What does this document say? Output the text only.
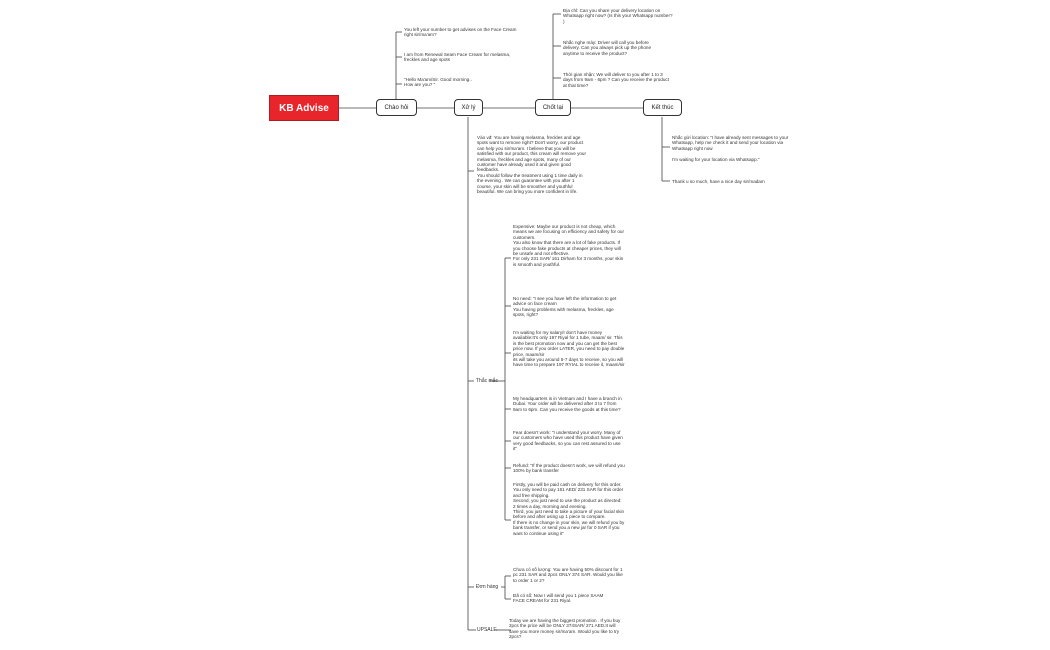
KB Advise	Chào hỏi	Xử lý	Chốt lại	Kết thúc
You left your number to get advises on the Face Cream right sir/ma'am?
I am from Renewal Seam Face Cream for melasma, freckles and age spots
"Hello Ma'am/Sir. Good morning..
How are you? "
Địa chỉ: Can you share your delivery location on Whatsapp right now? (Is this your Whatsapp number? )
Nhắc nghe máy: Driver will call you before delivery. Can you always pick up the phone anytime to receive the product?
Thời gian nhận: We will deliver to you after 1 to 3 days from 9am - 6pm ? Can you receive the product at that time?
Nhắc gửi location: "I have already sent messages to your Whatsapp, help me check it and send your location via Whatsapp right now

I'm waiting for your location via Whatsapp."
Thank u so much, have a nice day sir/madam
Vào vđ: You are having melasma, freckles and age spots want to remove right? Don't worry, our product can help you sir/ma'am. I believe that you will be satisfied with our product, this cream will remove your melasma, freckles and age spots, many of our customer have already used it and given good feedbacks.
You should follow the treatment using 1 time daily in the evening . We can guarantee with you after 1 course, your skin will be smoother and youthful beautiful. We can bring you more confident in life.
Thắc mắc
Đơn hàng
UPSALE
Expensive: Maybe our product is not cheap, which means we are focusing on efficiency and safety for our customers.
You also know that there are a lot of fake products. If you choose fake products at cheaper prices, they will be unsafe and not effective.
For only 231 SAR/ 161 Dirham for 3 months, your skin is smooth and youthful.
No need: "I see you have left the information to get advice on face cream
You having problems with melasma, freckles, age spots, right?
I'm waiting for my salary/I don't have money available:It's only 197 Riyal for 1 tube, maam/ sir. This is the best promotion now and you can get the best price now. If you order LATER, you need to pay double price, maam/sir
its will take you around 5-7 days to receive, so you will have time to prepare 197 RYIAL to receive it, maam/sir
My headquarters is in Vietnam and I have a branch in Dubai. Your order will be delivered after 3 to 7 from 9am to 6pm. Can you receive the goods at this time?
Fear doesn't work: "I understand your worry. Many of our customers who have used this product have given very good feedbacks, so you can rest assured to use it"
Refund: "If the product doesn't work, we will refund you 100% by bank transfer
Firstly, you will be paid cash on delivery for this order. You only need to pay 161 AED/ 231 SAR for this order and free shipping.
Second, you just need to use the product as directed: 2 times a day, morning and evening.
Third, you just need to take a picture of your facial skin before and after using up 1 piece to compare.
If there is no change in your skin, we will refund you by bank transfer, or send you a new jar for 0 SAR if you want to continue using it"
Chưa có số lượng: You are having 50% discount for 1 pc 231 SAR and 2pcs ONLY 374 SAR. Would you like to order 1 or 2?
Đã có số: Now I will send you 1 piece SAAM FACE CREAM for 231 Riyal.
Today we are having the biggest promotion . If you buy 2pcs the price will be ONLY 374SAR/ 271 AED.It will save you more money sir/ma'am. Would you like to try 2pcs?
